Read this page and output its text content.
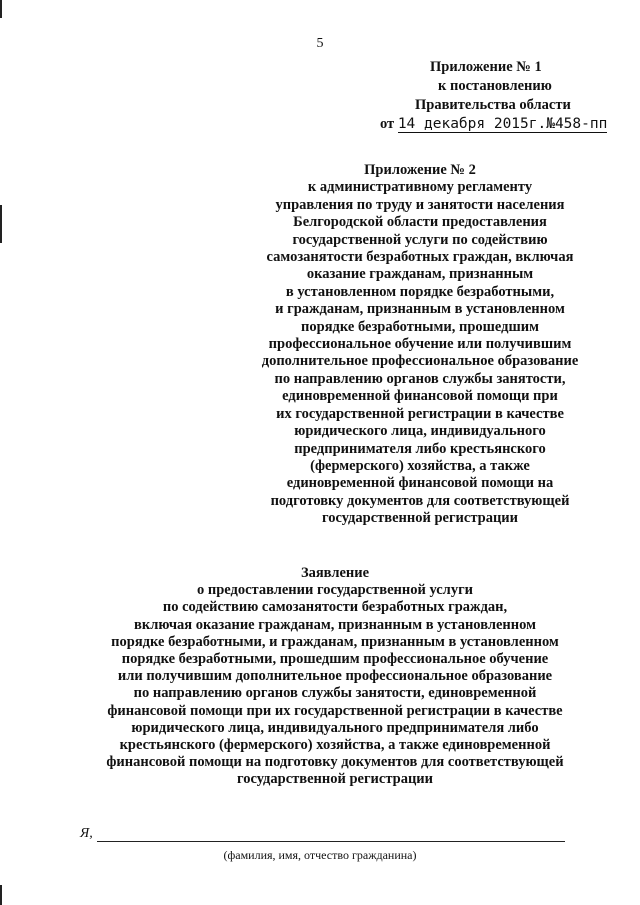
5
Приложение № 1
к постановлению
Правительства области
от 14 декабря 2015г.№458-пп
Приложение № 2
к административному регламенту
управления по труду и занятости населения
Белгородской области предоставления
государственной услуги по содействию
самозанятости безработных граждан, включая
оказание гражданам, признанным
в установленном порядке безработными,
и гражданам, признанным в установленном
порядке безработными, прошедшим
профессиональное обучение или получившим
дополнительное профессиональное образование
по направлению органов службы занятости,
единовременной финансовой помощи при
их государственной регистрации в качестве
юридического лица, индивидуального
предпринимателя либо крестьянского
(фермерского) хозяйства, а также
единовременной финансовой помощи на
подготовку документов для соответствующей
государственной регистрации
Заявление
о предоставлении государственной услуги
по содействию самозанятости безработных граждан,
включая оказание гражданам, признанным в установленном
порядке безработными, и гражданам, признанным в установленном
порядке безработными, прошедшим профессиональное обучение
или получившим дополнительное профессиональное образование
по направлению органов службы занятости, единовременной
финансовой помощи при их государственной регистрации в качестве
юридического лица, индивидуального предпринимателя либо
крестьянского (фермерского) хозяйства, а также единовременной
финансовой помощи на подготовку документов для соответствующей
государственной регистрации
Я,
(фамилия, имя, отчество гражданина)
